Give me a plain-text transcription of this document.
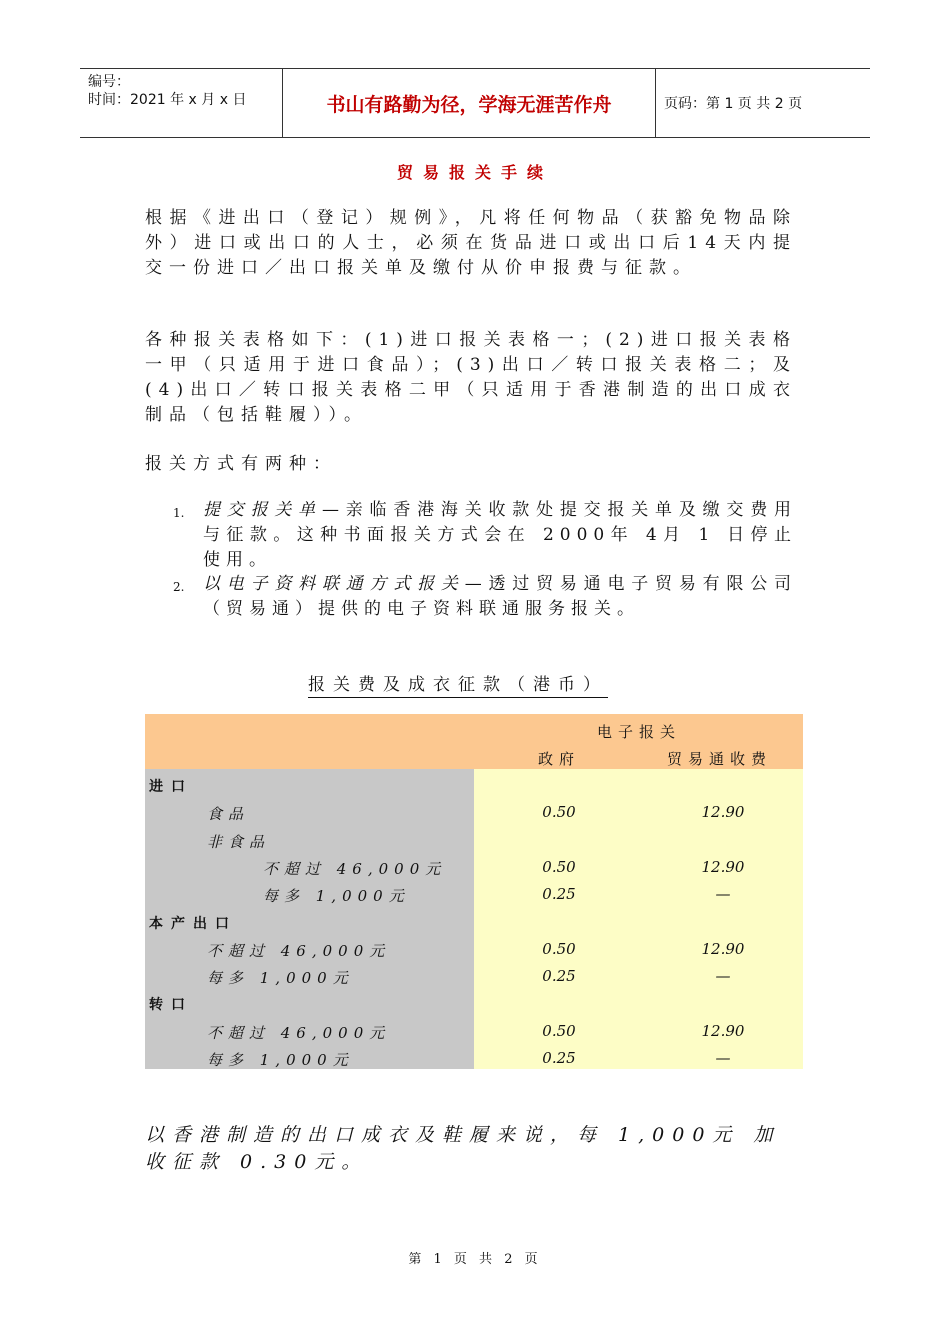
编号：
时间：2021 年 x 月 x 日	书山有路勤为径，学海无涯苦作舟	页码：第 1 页 共 2 页
贸易报关手续
根据《进出口（登记）规例》，凡将任何物品（获豁免物品除外）进口或出口的人士，必须在货品进口或出口后14天内提交一份进口／出口报关单及缴付从价申报费与征款。
各种报关表格如下：(1)进口报关表格一；(2)进口报关表格一甲（只适用于进口食品）；(3)出口／转口报关表格二；及 (4)出口／转口报关表格二甲（只适用于香港制造的出口成衣制品（包括鞋履））。
报关方式有两种：
1. 提交报关单—亲临香港海关收款处提交报关单及缴交费用与征款。这种书面报关方式会在 2000年 4月 1 日停止使用。
2. 以电子资料联通方式报关—透过贸易通电子贸易有限公司（贸易通）提供的电子资料联通服务报关。
报关费及成衣征款（港币）
电子报关
政府	贸易通收费
进口
食品	0.50	12.90
非食品
不超过 46,000元	0.50	12.90
每多 1,000元	0.25	—
本产出口
不超过 46,000元	0.50	12.90
每多 1,000元	0.25	—
转口
不超过 46,000元	0.50	12.90
每多 1,000元	0.25	—
以香港制造的出口成衣及鞋履来说，每 1,000元 加收征款 0.30元。
第 1 页 共 2 页
